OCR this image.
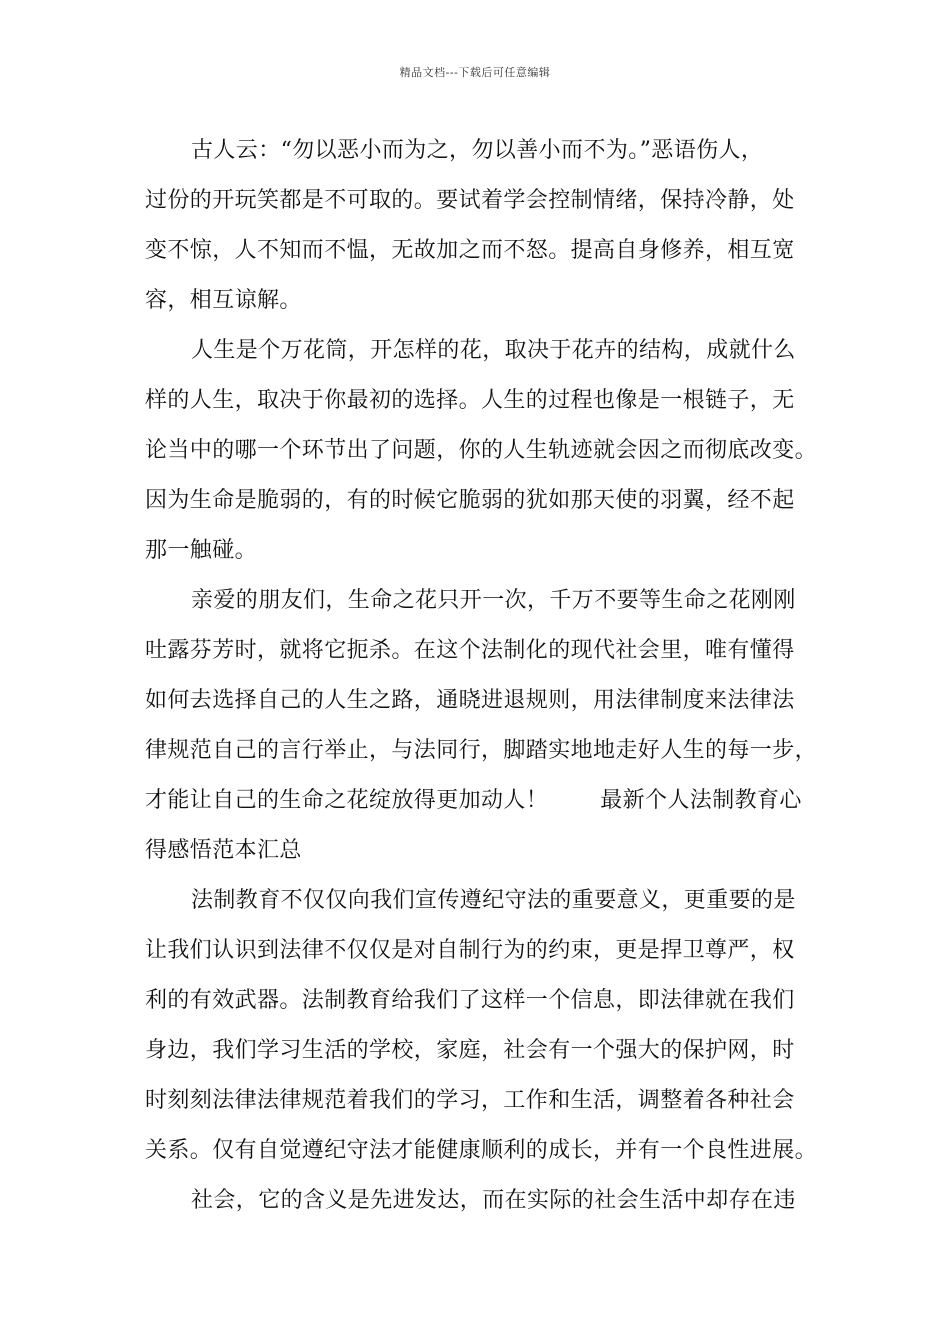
精品文档---下载后可任意编辑
古人云：“勿以恶小而为之，勿以善小而不为。”恶语伤人，
过份的开玩笑都是不可取的。要试着学会控制情绪，保持冷静，处
变不惊，人不知而不愠，无故加之而不怒。提高自身修养，相互宽
容，相互谅解。
人生是个万花筒，开怎样的花，取决于花卉的结构，成就什么
样的人生，取决于你最初的选择。人生的过程也像是一根链子，无
论当中的哪一个环节出了问题，你的人生轨迹就会因之而彻底改变。
因为生命是脆弱的，有的时候它脆弱的犹如那天使的羽翼，经不起
那一触碰。
亲爱的朋友们，生命之花只开一次，千万不要等生命之花刚刚
吐露芬芳时，就将它扼杀。在这个法制化的现代社会里，唯有懂得
如何去选择自己的人生之路，通晓进退规则，用法律制度来法律法
律规范自己的言行举止，与法同行，脚踏实地地走好人生的每一步，
才能让自己的生命之花绽放得更加动人！ 最新个人法制教育心
得感悟范本汇总
法制教育不仅仅向我们宣传遵纪守法的重要意义，更重要的是
让我们认识到法律不仅仅是对自制行为的约束，更是捍卫尊严，权
利的有效武器。法制教育给我们了这样一个信息，即法律就在我们
身边，我们学习生活的学校，家庭，社会有一个强大的保护网，时
时刻刻法律法律规范着我们的学习，工作和生活，调整着各种社会
关系。仅有自觉遵纪守法才能健康顺利的成长，并有一个良性进展。
社会，它的含义是先进发达，而在实际的社会生活中却存在违
